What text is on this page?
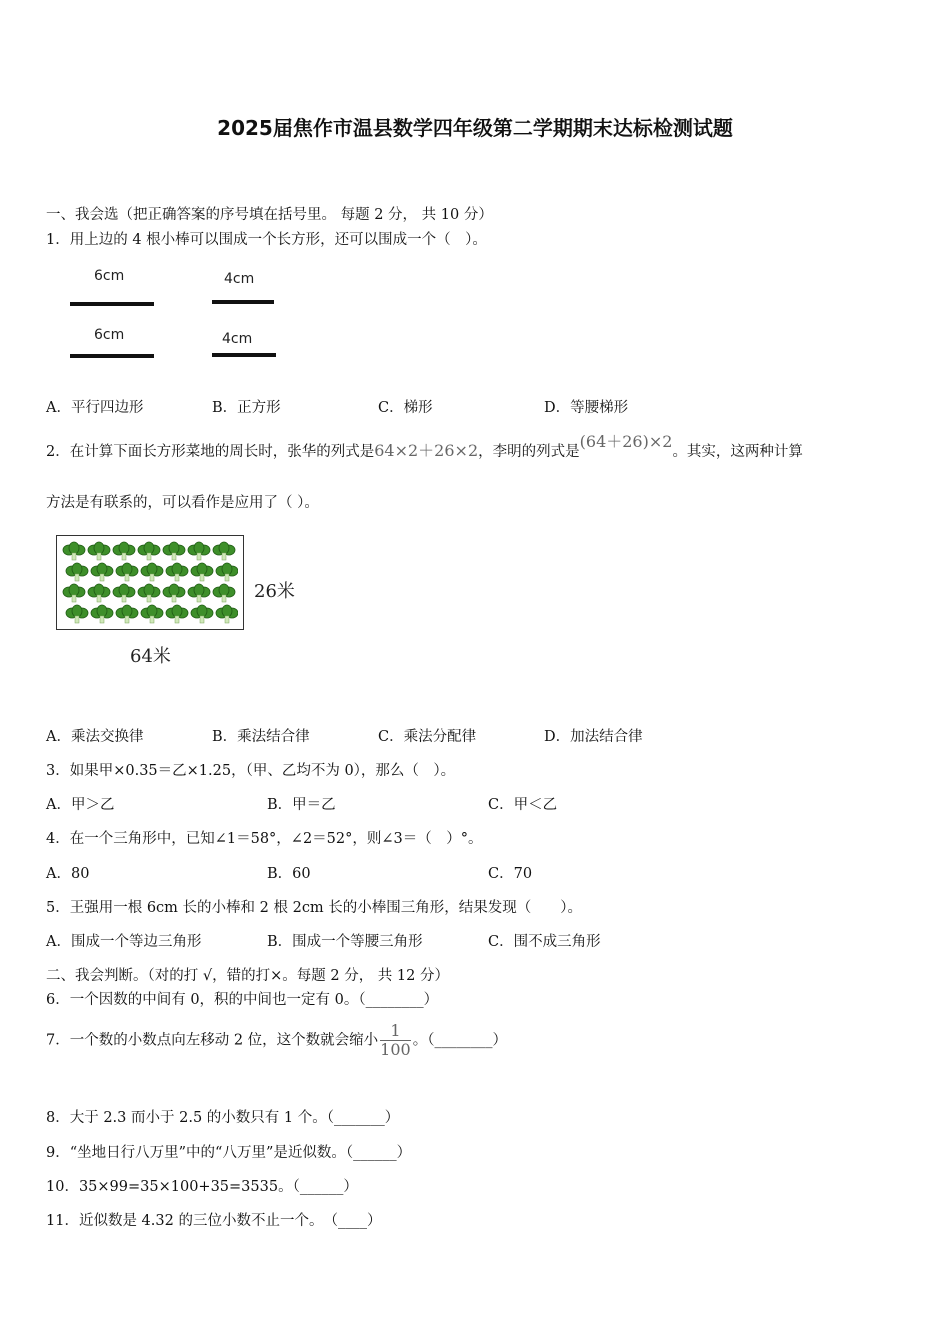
2025届焦作市温县数学四年级第二学期期末达标检测试题
一、我会选（把正确答案的序号填在括号里。 每题 2 分， 共 10 分）
1．用上边的 4 根小棒可以围成一个长方形，还可以围成一个（　）。
6cm
6cm
4cm
4cm
A．平行四边形	B．正方形	C．梯形	D．等腰梯形
2．在计算下面长方形菜地的周长时，张华的列式是64×2＋26×2，李明的列式是(64＋26)×2。其实，这两种计算
方法是有联系的，可以看作是应用了（ ）。
26米
64米
A．乘法交换律	B．乘法结合律	C．乘法分配律	D．加法结合律
3．如果甲×0.35＝乙×1.25，（甲、乙均不为 0），那么（　）。
A．甲＞乙	B．甲＝乙	C．甲＜乙
4．在一个三角形中，已知∠1＝58°，∠2＝52°，则∠3＝（　）°。
A．80	B．60	C．70
5．王强用一根 6cm 长的小棒和 2 根 2cm 长的小棒围三角形，结果发现（　　）。
A．围成一个等边三角形	B．围成一个等腰三角形	C．围不成三角形
二、我会判断。（对的打 √，错的打×。每题 2 分， 共 12 分）
6．一个因数的中间有 0，积的中间也一定有 0。（________）
7．一个数的小数点向左移动 2 位，这个数就会缩小 $\frac{1}{100}$ 。（________）
8．大于 2.3 而小于 2.5 的小数只有 1 个。（_______）
9．“坐地日行八万里”中的“八万里”是近似数。（______）
10．35×99=35×100+35=3535。（______）
11．近似数是 4.32 的三位小数不止一个。　（____）
